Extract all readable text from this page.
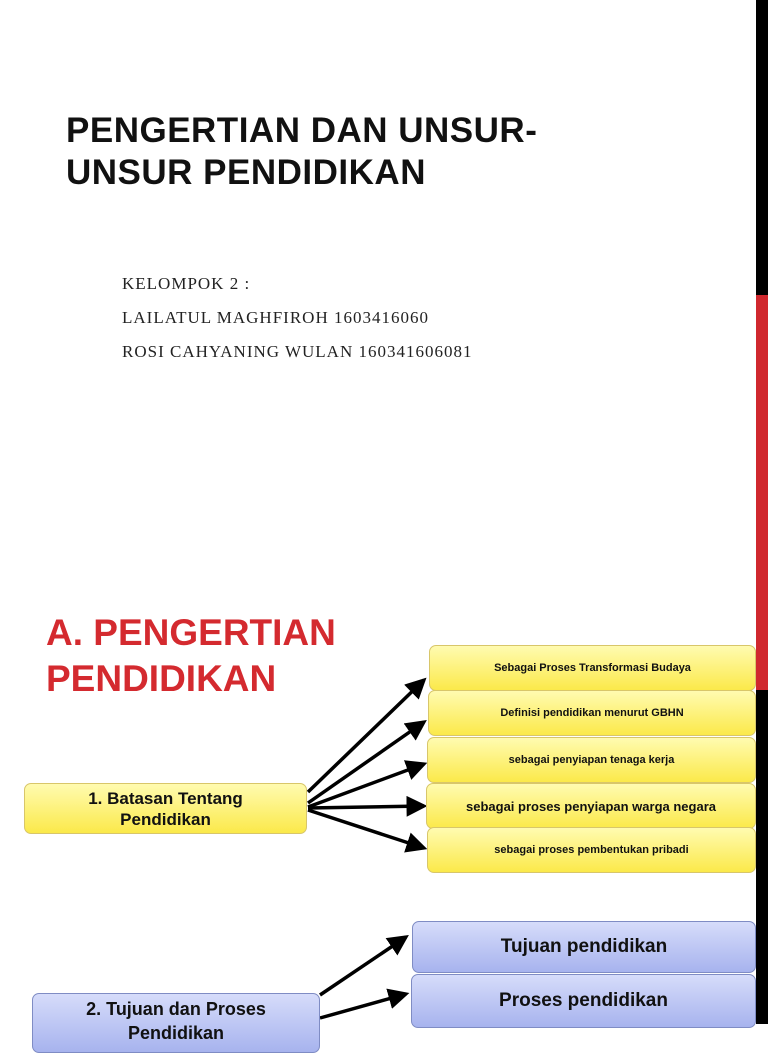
PENGERTIAN DAN UNSUR-
UNSUR PENDIDIKAN
KELOMPOK 2 :
LAILATUL MAGHFIROH 1603416060
ROSI CAHYANING WULAN 160341606081
A. PENGERTIAN
PENDIDIKAN
1. Batasan Tentang Pendidikan
Sebagai Proses Transformasi Budaya
Definisi pendidikan menurut GBHN
sebagai penyiapan tenaga kerja
sebagai proses penyiapan warga negara
sebagai proses pembentukan pribadi
2. Tujuan dan Proses Pendidikan
Tujuan pendidikan
Proses pendidikan
